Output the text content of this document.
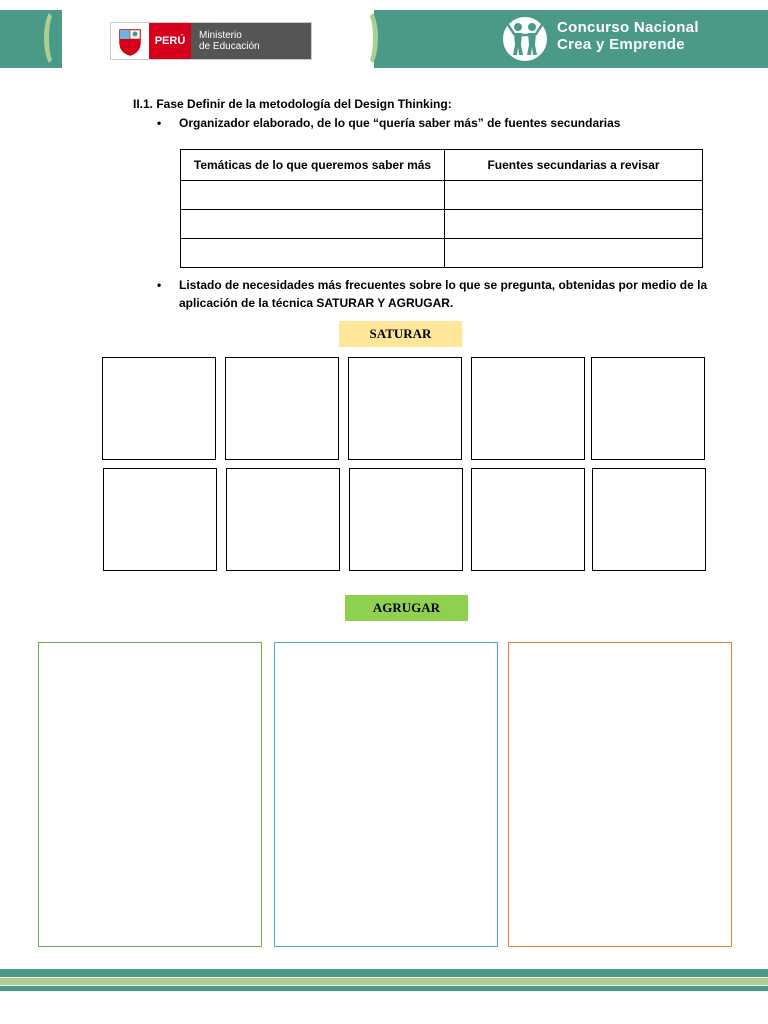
PERÚ	Ministerio
de Educación
Concurso Nacional
Crea y Emprende
II.1. Fase Definir de la metodología del Design Thinking:
• Organizador elaborado, de lo que “quería saber más” de fuentes secundarias
Temáticas de lo que queremos saber más	Fuentes secundarias a revisar

• Listado de necesidades más frecuentes sobre lo que se pregunta, obtenidas por medio de la aplicación de la técnica SATURAR Y AGRUGAR.
SATURAR
AGRUGAR
